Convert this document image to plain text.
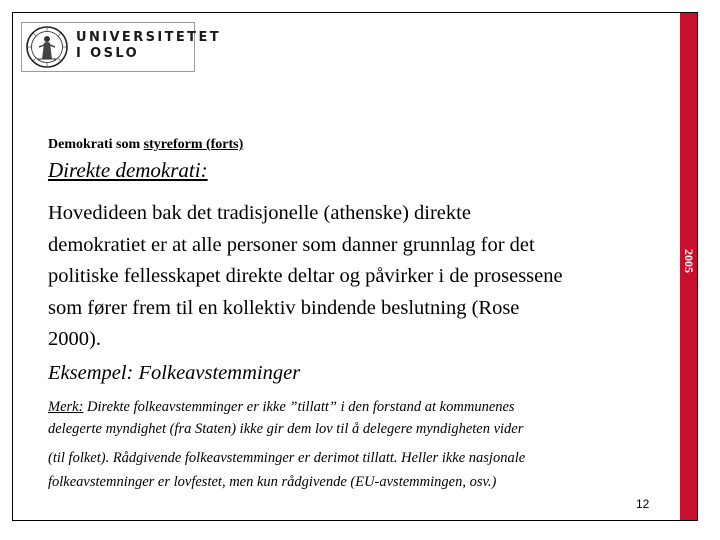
UNIVERSITETET
I OSLO
2005
Demokrati som styreform (forts)
Direkte demokrati:
Hovedideen bak det tradisjonelle (athenske) direkte
demokratiet er at alle personer som danner grunnlag for det
politiske fellesskapet direkte deltar og påvirker i de prosessene
som fører frem til en kollektiv bindende beslutning (Rose
2000).
Eksempel: Folkeavstemminger
Merk: Direkte folkeavstemminger er ikke ”tillatt” i den forstand at kommunenes
delegerte myndighet (fra Staten) ikke gir dem lov til å delegere myndigheten vider
(til folket). Rådgivende folkeavstemminger er derimot tillatt. Heller ikke nasjonale
folkeavstemninger er lovfestet, men kun rådgivende (EU-avstemmingen, osv.)
12
